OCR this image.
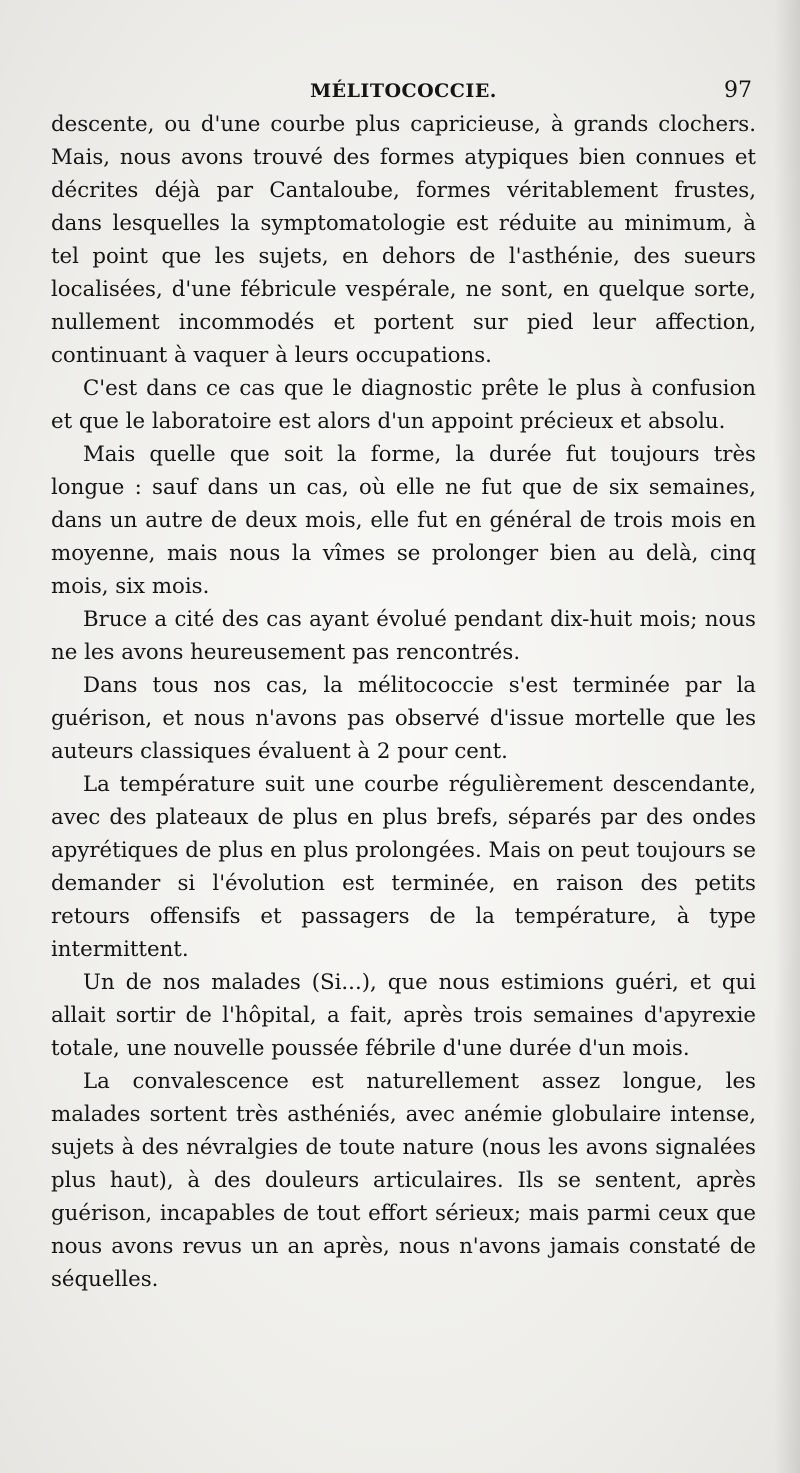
MÉLITOCOCCIE.	97

descente, ou d'une courbe plus capricieuse, à grands clochers. Mais, nous avons trouvé des formes atypiques bien connues et décrites déjà par Cantaloube, formes véritablement frustes, dans lesquelles la symptomatologie est réduite au minimum, à tel point que les sujets, en dehors de l'asthénie, des sueurs localisées, d'une fébricule vespérale, ne sont, en quelque sorte, nullement incommodés et portent sur pied leur affection, continuant à vaquer à leurs occupations.

C'est dans ce cas que le diagnostic prête le plus à confusion et que le laboratoire est alors d'un appoint précieux et absolu.

Mais quelle que soit la forme, la durée fut toujours très longue : sauf dans un cas, où elle ne fut que de six semaines, dans un autre de deux mois, elle fut en général de trois mois en moyenne, mais nous la vîmes se prolonger bien au delà, cinq mois, six mois.

Bruce a cité des cas ayant évolué pendant dix-huit mois; nous ne les avons heureusement pas rencontrés.

Dans tous nos cas, la mélitococcie s'est terminée par la guérison, et nous n'avons pas observé d'issue mortelle que les auteurs classiques évaluent à 2 pour cent.

La température suit une courbe régulièrement descendante, avec des plateaux de plus en plus brefs, séparés par des ondes apyrétiques de plus en plus prolongées. Mais on peut toujours se demander si l'évolution est terminée, en raison des petits retours offensifs et passagers de la température, à type intermittent.

Un de nos malades (Si...), que nous estimions guéri, et qui allait sortir de l'hôpital, a fait, après trois semaines d'apyrexie totale, une nouvelle poussée fébrile d'une durée d'un mois.

La convalescence est naturellement assez longue, les malades sortent très asthéniés, avec anémie globulaire intense, sujets à des névralgies de toute nature (nous les avons signalées plus haut), à des douleurs articulaires. Ils se sentent, après guérison, incapables de tout effort sérieux; mais parmi ceux que nous avons revus un an après, nous n'avons jamais constaté de séquelles.
